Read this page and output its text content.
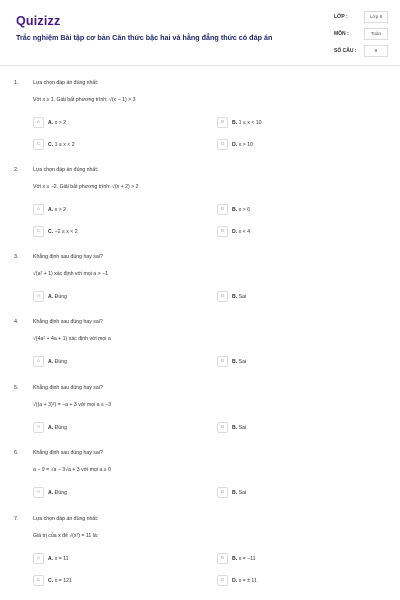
Quizizz
Trắc nghiệm Bài tập cơ bản Căn thức bậc hai và hằng đẳng thức có đáp án
LỚP :	Lớp 9
MÔN :	Toán
SỐ CÂU :	9
1.	Lựa chọn đáp án đúng nhất:
Với x ≥ 1. Giải bất phương trình: √(x − 1) > 3
A	A. x > 2	B	B. 1 ≤ x < 10
C	C. 1 ≤ x < 2	D	D. x > 10
2.	Lựa chọn đáp án đúng nhất:
Với x ≥ −2. Giải bất phương trình: √(x + 2) > 2
A	A. x > 2	B	B. x > 6
C	C. −2 ≤ x < 2	D	D. x < 4
3.	Khẳng định sau đúng hay sai?
√(a² + 1) xác định với mọi a > −1
A	A. Đúng	B	B. Sai
4.	Khẳng định sau đúng hay sai?
√(4a² + 4a + 1) xác định với mọi a
A	A. Đúng	B	B. Sai
5.	Khẳng định sau đúng hay sai?
√((a + 3)²) = −a + 3 với mọi a ≤ −3
A	A. Đúng	B	B. Sai
6.	Khẳng định sau đúng hay sai?
a − 9 = √a − 3√a + 3 với mọi a ≥ 0
A	A. Đúng	B	B. Sai
7.	Lựa chọn đáp án đúng nhất:
Giá trị của x để √(x²) = 11 là:
A	A. x = 11	B	B. x = −11
C	C. x = 121	D	D. x = ± 11
